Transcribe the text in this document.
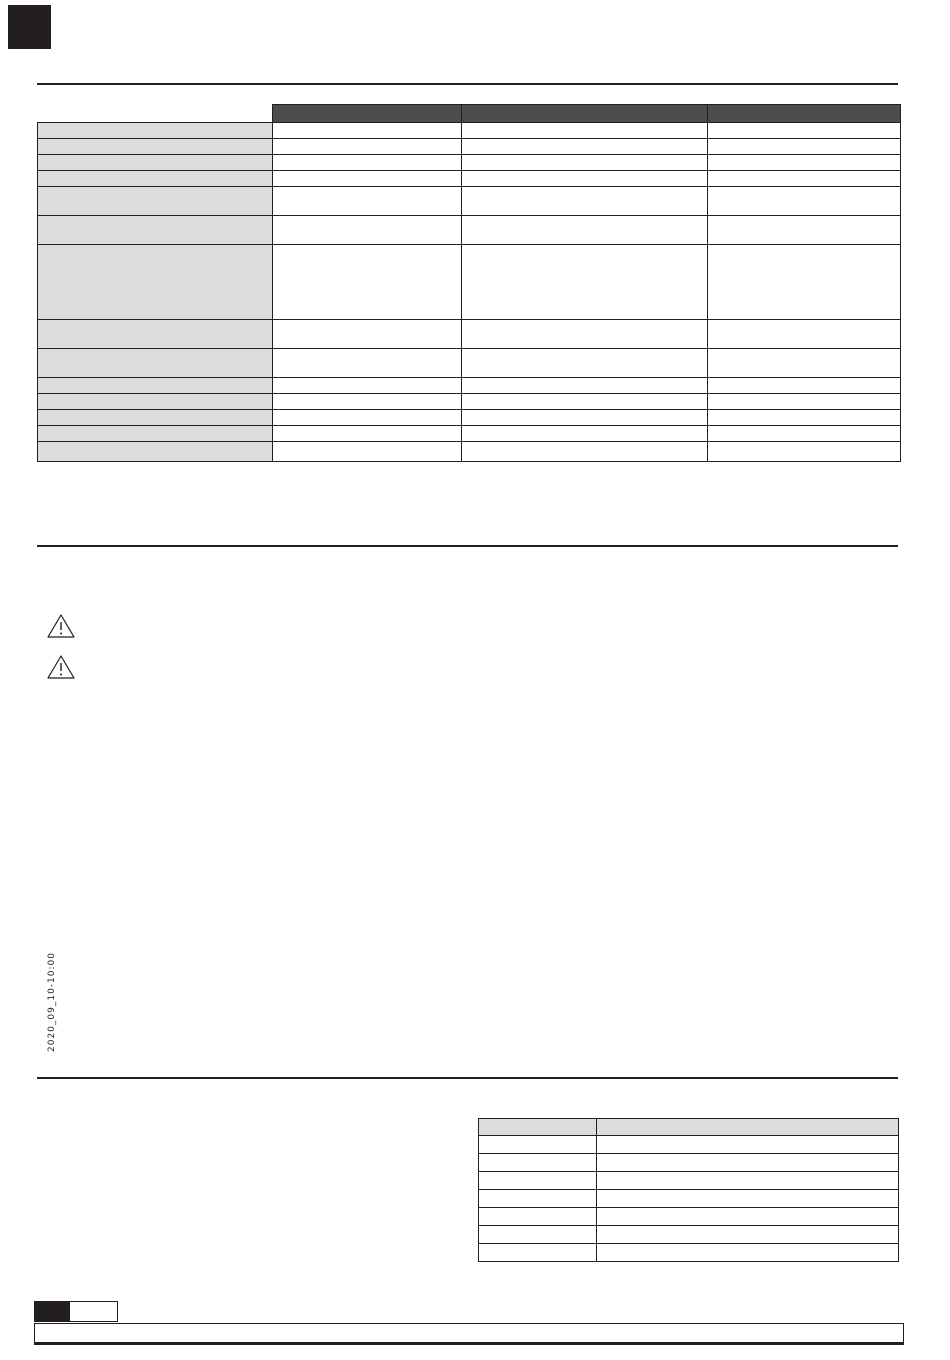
2020_09_10-10:00
